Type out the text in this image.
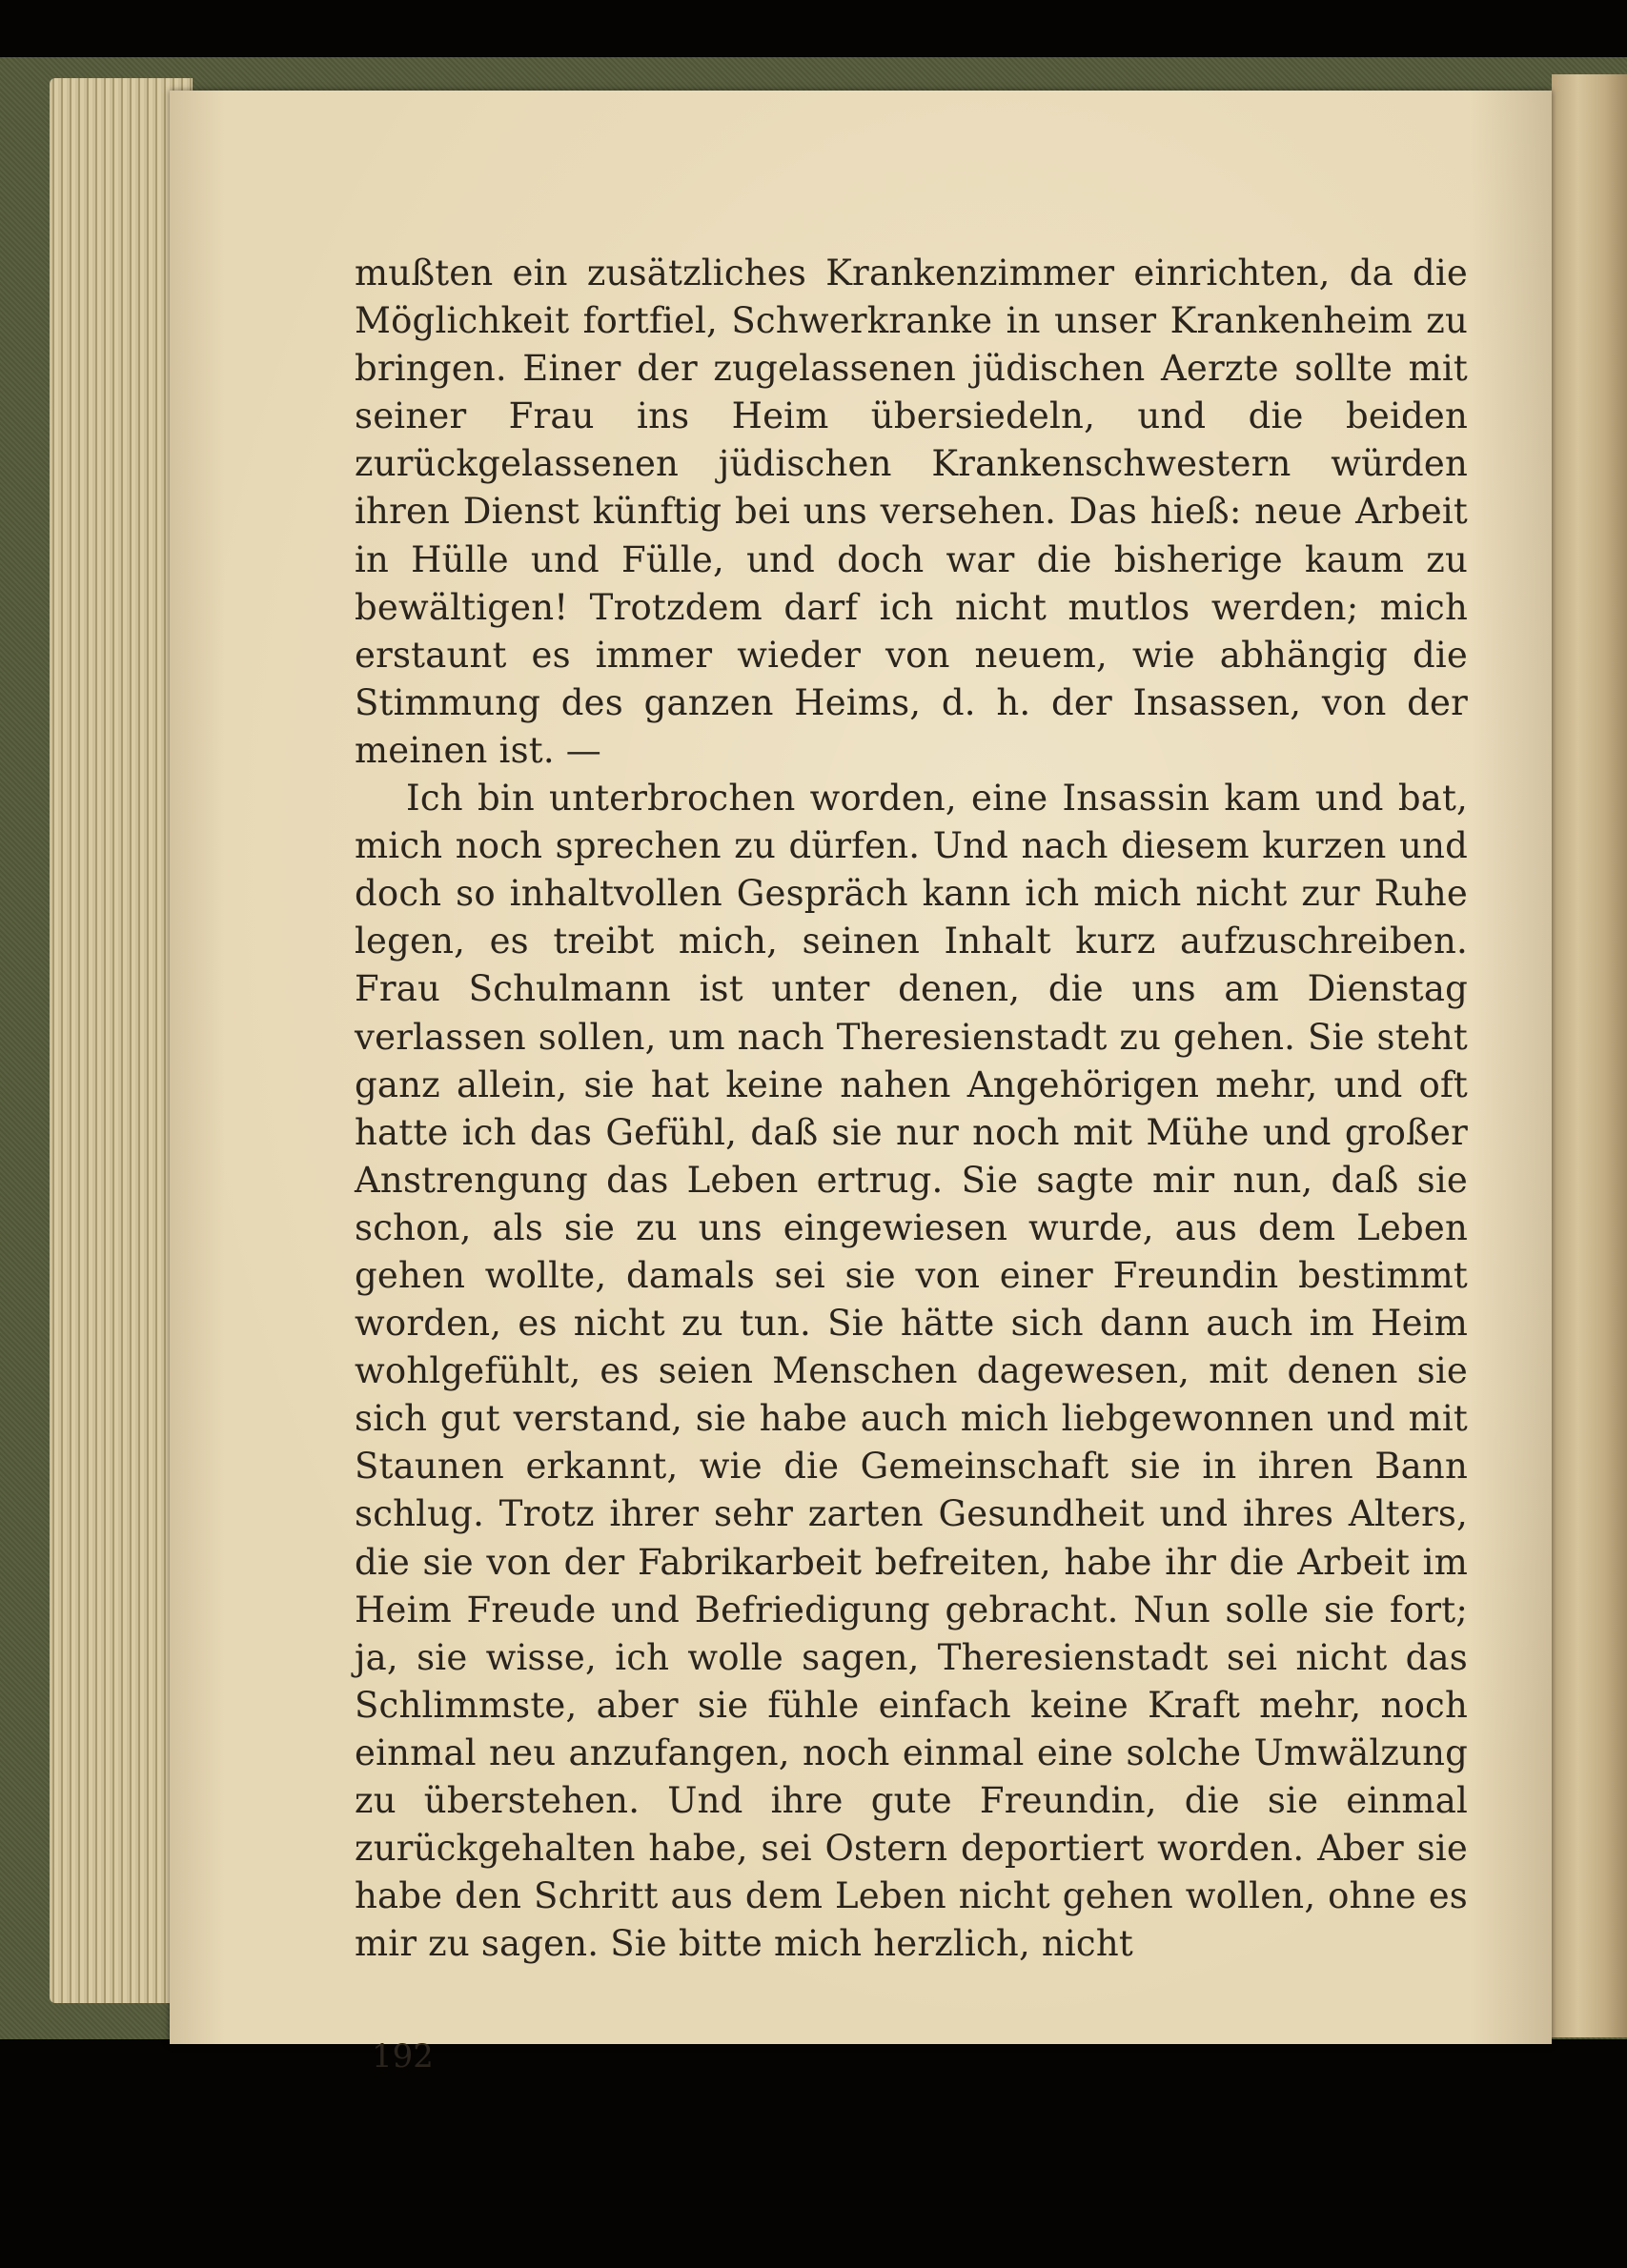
mußten ein zusätzliches Krankenzimmer einrichten, da die Möglichkeit fortfiel, Schwerkranke in unser Krankenheim zu bringen. Einer der zugelassenen jüdischen Aerzte sollte mit seiner Frau ins Heim übersiedeln, und die beiden zurückgelassenen jüdischen Krankenschwestern würden ihren Dienst künftig bei uns versehen. Das hieß: neue Arbeit in Hülle und Fülle, und doch war die bisherige kaum zu bewältigen! Trotzdem darf ich nicht mutlos werden; mich erstaunt es immer wieder von neuem, wie abhängig die Stimmung des ganzen Heims, d. h. der Insassen, von der meinen ist. —

Ich bin unterbrochen worden, eine Insassin kam und bat, mich noch sprechen zu dürfen. Und nach diesem kurzen und doch so inhaltvollen Gespräch kann ich mich nicht zur Ruhe legen, es treibt mich, seinen Inhalt kurz aufzuschreiben. Frau Schulmann ist unter denen, die uns am Dienstag verlassen sollen, um nach Theresienstadt zu gehen. Sie steht ganz allein, sie hat keine nahen Angehörigen mehr, und oft hatte ich das Gefühl, daß sie nur noch mit Mühe und großer Anstrengung das Leben ertrug. Sie sagte mir nun, daß sie schon, als sie zu uns eingewiesen wurde, aus dem Leben gehen wollte, damals sei sie von einer Freundin bestimmt worden, es nicht zu tun. Sie hätte sich dann auch im Heim wohlgefühlt, es seien Menschen dagewesen, mit denen sie sich gut verstand, sie habe auch mich liebgewonnen und mit Staunen erkannt, wie die Gemeinschaft sie in ihren Bann schlug. Trotz ihrer sehr zarten Gesundheit und ihres Alters, die sie von der Fabrikarbeit befreiten, habe ihr die Arbeit im Heim Freude und Befriedigung gebracht. Nun solle sie fort; ja, sie wisse, ich wolle sagen, Theresienstadt sei nicht das Schlimmste, aber sie fühle einfach keine Kraft mehr, noch einmal neu anzufangen, noch einmal eine solche Umwälzung zu überstehen. Und ihre gute Freundin, die sie einmal zurückgehalten habe, sei Ostern deportiert worden. Aber sie habe den Schritt aus dem Leben nicht gehen wollen, ohne es mir zu sagen. Sie bitte mich herzlich, nicht

192
